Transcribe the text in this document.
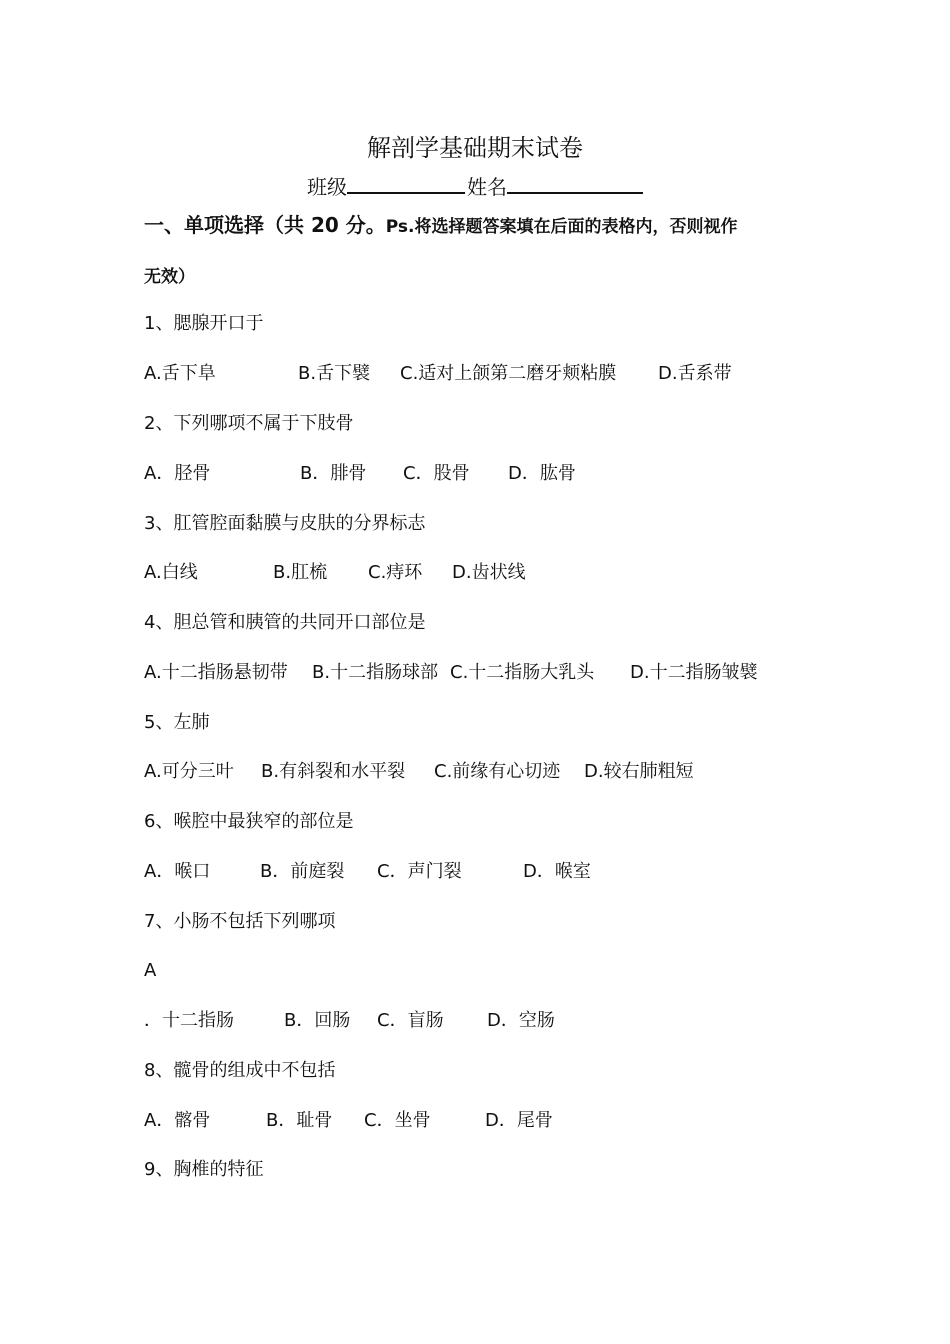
解剖学基础期末试卷
班级	姓名
一、单项选择（共 20 分。Ps.将选择题答案填在后面的表格内，否则视作
无效）
1、腮腺开口于
A.舌下阜	B.舌下襞 C.适对上颌第二磨牙颊粘膜 D.舌系带
2、下列哪项不属于下肢骨
A．胫骨	B．腓骨 C．股骨 D．肱骨
3、肛管腔面黏膜与皮肤的分界标志
A.白线	B.肛梳 C.痔环 D.齿状线
4、胆总管和胰管的共同开口部位是
A.十二指肠悬韧带 B.十二指肠球部 C.十二指肠大乳头 D.十二指肠皱襞
5、左肺
A.可分三叶 B.有斜裂和水平裂 C.前缘有心切迹 D.较右肺粗短
6、喉腔中最狭窄的部位是
A．喉口	B．前庭裂 C．声门裂	D．喉室
7、小肠不包括下列哪项
A
．十二指肠	B．回肠 C．盲肠 D．空肠
8、髋骨的组成中不包括
A．髂骨	B．耻骨 C．坐骨	D．尾骨
9、胸椎的特征
